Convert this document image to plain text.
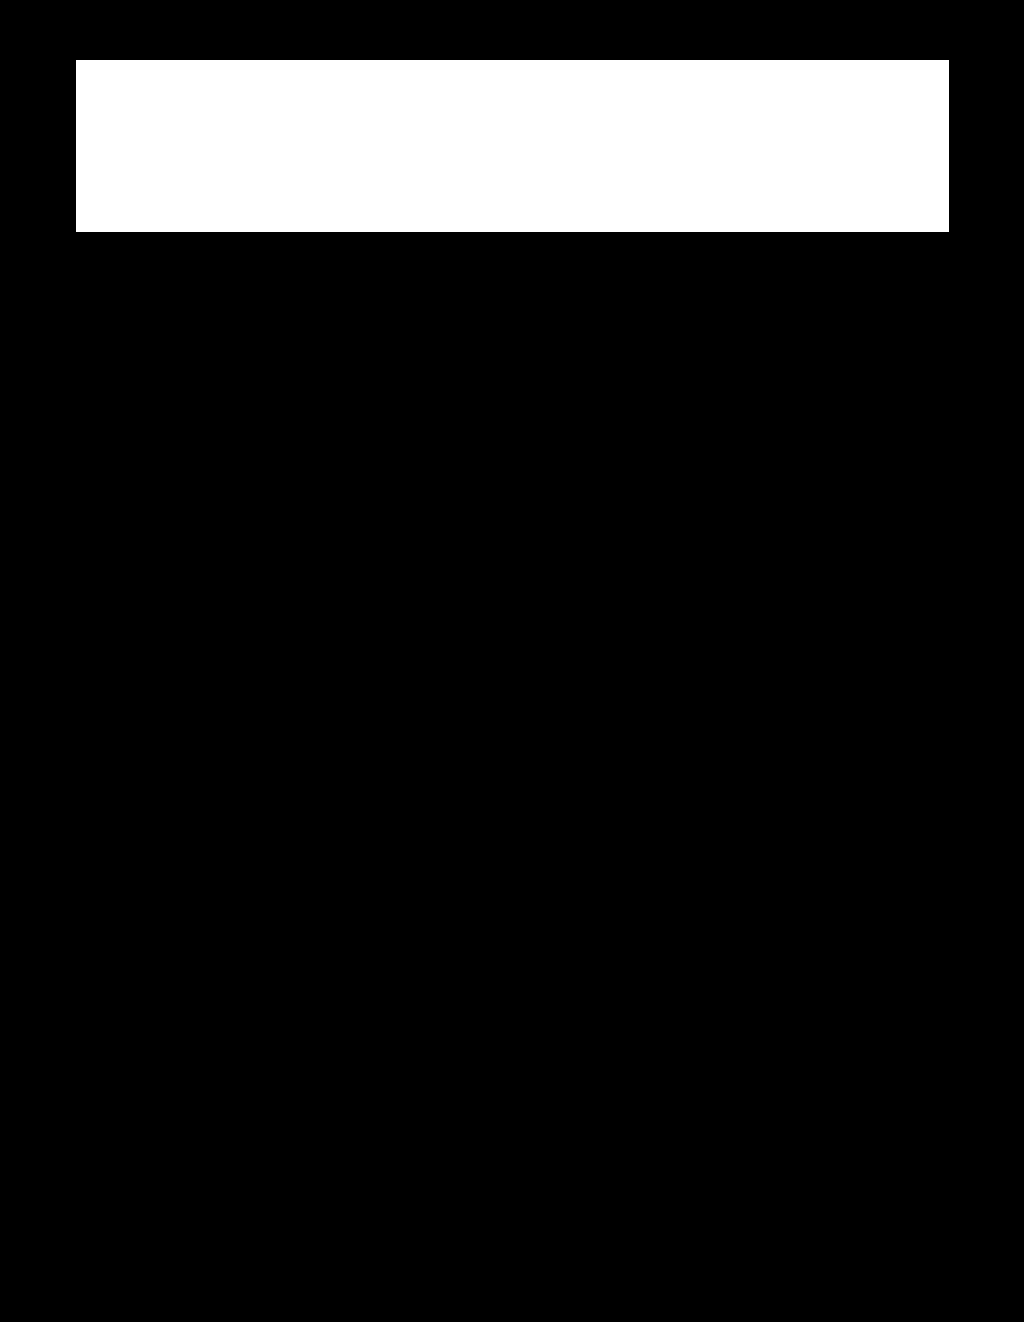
Monoclonal Anti-Acetylated Tubulin
Clone 6-11B-1
produced in mouse, purified immunoglobulin
Catalog Number T7451
Product Description

Monoclonal Anti-Acetylated Tubulin (mouse IgG2b isotype) is derived from the hybridoma 6-11B-1 produced by the fusion of mouse myeloma cells and splenocytes from a mouse immunized with acetylated tubulin from the outer arm of Strongylocentrotus purpuratus (sea urchin). The isotype is determined using a double diffusion immunoassay using Mouse Monoclonal Antibody Isotyping Reagents, Catalog Number ISO2.

Monoclonal Anti-Acetylated Tubulin recognizes an epitope located on the α3 isoform of Chlamydomonas axonemal α-tubulin,$^1$ within four residues of Lys$^{40}$ when this amino acid is acetylated.$^2$ A sequence very similar to the one detected by the antibody in Chlamydomonas is found in the majority of α-tubulins, but the corresponding region is markedly divergent in some α–tubulin isoforms from chicken, Drosophila, and yeast.$^2$ The antibody has been used to detect acetylated α-tubulins from many organisms that are frequently studied in the laboratory: protista, plants, invertebrates, and vertebrates (e.g., human, mouse, pig, bovine, rat, hamster, monkey, chicken, frog).$^3$ Details on the strains of organisms and microtubule structures containing acetylated α-tubulin detected by the antibody have been described.$^3$ Occasionally, the epitope recognized by the antibody may be absent or masked, as it is in the rat kangaroo epithelial-like cell line PtK$_2$.$^4$ The antibody may be used in immunoblotting, quantitative dot blot, ELISA, solid phase RIA, immunohistology, and electron microscopy.$^5$

Tubulin is the major building block of microtubules. This intracellular, cylindrical filamentous structure is present in almost all eukaryotic cells. Microtubules function as structural and mobile elements in mitosis, intracellular transport, flagellar movement and in the cytoskeleton. Tubulin is a heterodimer, which consists of α-tubulin and β-tubulin; both subunits have a molecular weight of 50,000 and share considerable homology. At least three modifications of tubulin subunits have been described: the phosphorylation of β-tubulin from brain, the removal of the carboxyterminal tyrosine from

α–tubulin in vertebrate tissues and the acetylation of the amino group of lysine(s) in α-tubulin.

Acetylation of α-tubulin is a post-translational modification that consists of the reversible addition of an acetyl group to Lys$^{40}$, achieved by a specific acetylase. Acetylation of α-tubulin is an important feature of axoneme assembly in a variety of organisms. Tubulin acetylation may play a prevalent role in the differentiation of microtubule structure and function.$^{1, 6, 7}$

Monoclonal antibody recognizing the acetylated form of tubulin, together with monoclonal antibodies to other types of tubulins (α, β, β-tubulin isotype I + II, β-tubulin isotype III, and tyrosine tubulin) provide specific and useful tools in studying the intracellular distribution of tubulin and the static and dynamic aspects of cytoskeleton.

Reagent

Supplied as a solution in 0.01 M phosphate buffered saline, pH 7.4, containing 15 mM sodium azide.

Antibody concentration: ~1 mg/mL

Precautions and Disclaimer

This product is for R&D use only, not for drug, household, or other uses. Please consult the Material Safety Data Sheet for information regarding hazards and safe handling practices.

Storage/Stability

For continuous use, store at 2-8 °C for up to one month. For extended storage, freeze in working aliquots. Repeated freezing and thawing, or storage in “frost-free” freezers, is not recommended. If slight turbidity occurs upon prolonged storage, clarify the solution by centrifugation before use. Working dilution samples should be discarded if not used within 12 hours.

Product Profile

Immunoblotting: a working antibody concentration of 0.03-0.06 μg/mL is recommended using total rat brain extract.
